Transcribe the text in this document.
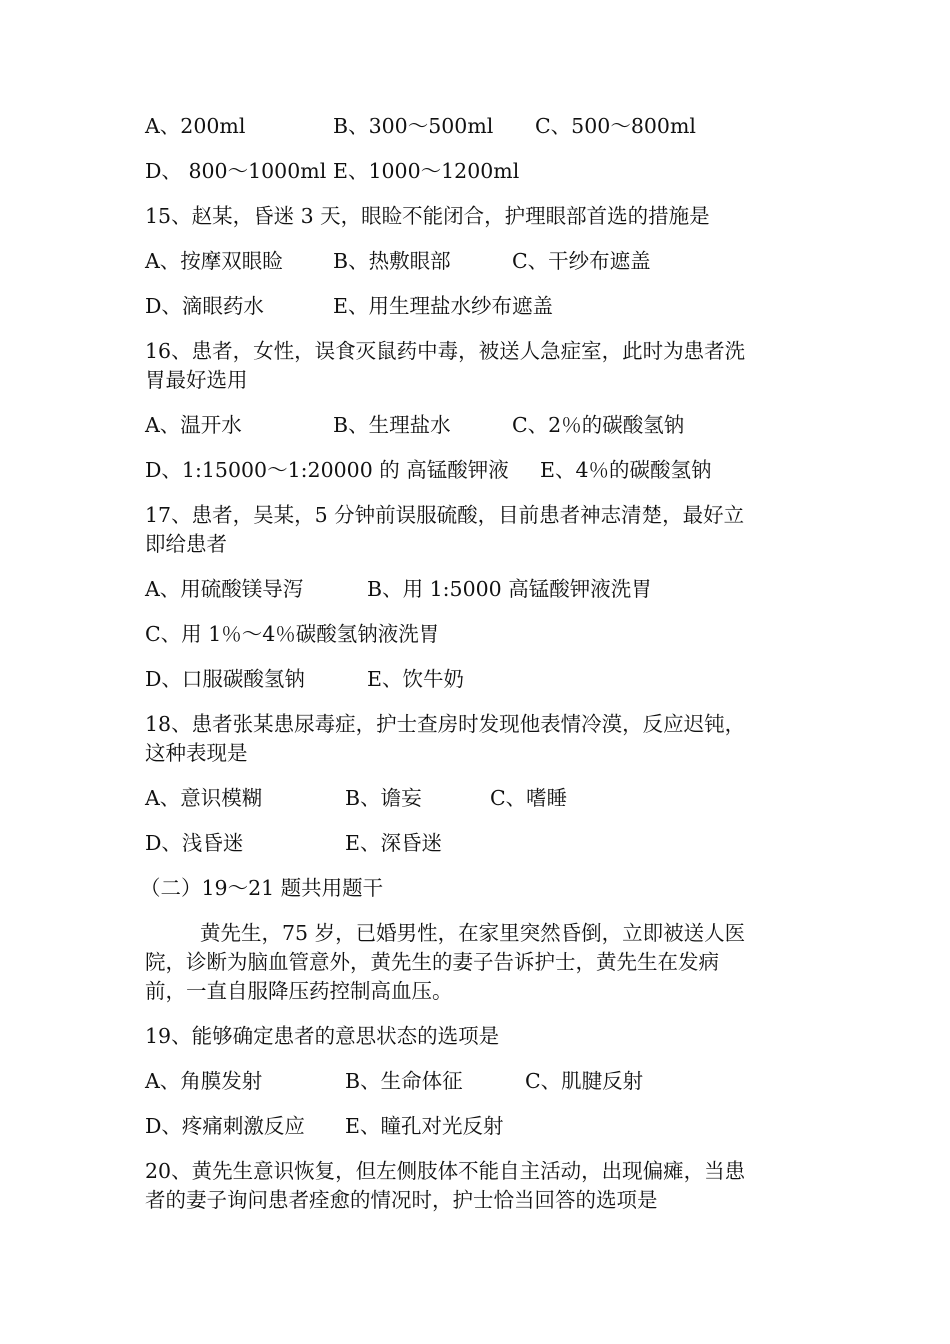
A、200ml	B、300～500ml C、500～800ml
D、 800～1000ml E、1000～1200ml
15、赵某，昏迷 3 天，眼睑不能闭合，护理眼部首选的措施是
A、按摩双眼睑 B、热敷眼部	C、干纱布遮盖
D、滴眼药水	E、用生理盐水纱布遮盖
16、患者，女性，误食灭鼠药中毒，被送人急症室，此时为患者洗
胃最好选用
A、温开水	B、生理盐水	C、2％的碳酸氢钠
D、1:15000～1:20000 的 高锰酸钾液 E、4％的碳酸氢钠
17、患者，吴某，5 分钟前误服硫酸，目前患者神志清楚，最好立
即给患者
A、用硫酸镁导泻	B、用 1:5000 高锰酸钾液洗胃
C、用 1％～4％碳酸氢钠液洗胃
D、口服碳酸氢钠	E、饮牛奶
18、患者张某患尿毒症，护士查房时发现他表情冷漠，反应迟钝，
这种表现是
A、意识模糊	B、谵妄	C、嗜睡
D、浅昏迷	E、深昏迷
（二）19～21 题共用题干
黄先生，75 岁，已婚男性，在家里突然昏倒，立即被送人医
院，诊断为脑血管意外，黄先生的妻子告诉护士，黄先生在发病
前，一直自服降压药控制高血压。
19、能够确定患者的意思状态的选项是
A、角膜发射	B、生命体征	C、肌腱反射
D、疼痛刺激反应 E、瞳孔对光反射
20、黄先生意识恢复，但左侧肢体不能自主活动，出现偏瘫，当患
者的妻子询问患者痊愈的情况时，护士恰当回答的选项是
